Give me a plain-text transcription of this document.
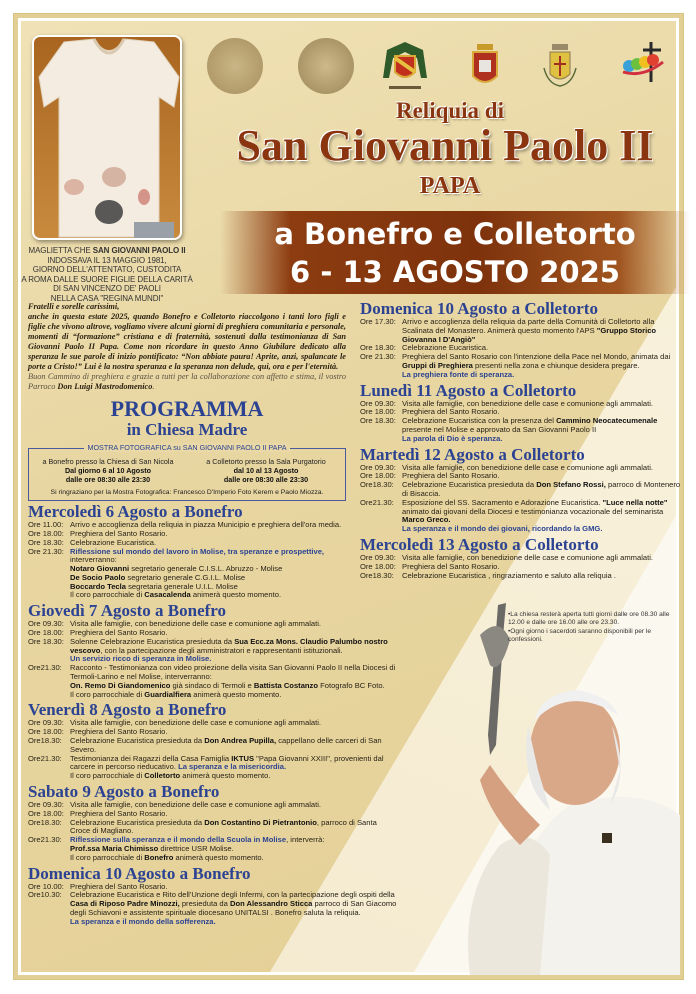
MAGLIETTA CHE SAN GIOVANNI PAOLO II
INDOSSAVA IL 13 MAGGIO 1981,
GIORNO DELL'ATTENTATO, CUSTODITA
A ROMA DALLE SUORE FIGLIE DELLA CARITÀ
DI SAN VINCENZO DE' PAOLI
NELLA CASA "REGINA MUNDI"
Reliquia di
San Giovanni Paolo II
PAPA
a Bonefro e Colletorto
6 - 13 AGOSTO 2025
Fratelli e sorelle carissimi,
anche in questa estate 2025, quando Bonefro e Colletorto riaccolgono i tanti loro figli e figlie che vivono altrove, vogliamo vivere alcuni giorni di preghiera comunitaria e personale, momenti di “formazione” cristiana e di fraternità, sostenuti dalla testimonianza di San Giovanni Paolo II Papa. Come non ricordare in questo Anno Giubilare dedicato alla speranza le sue parole di inizio pontificato: “Non abbiate paura! Aprite, anzi, spalancate le porte a Cristo!” Lui è la nostra speranza e la speranza non delude, qui, ora e per l'eternità.
Buon Cammino di preghiera e grazie a tutti per la collaborazione con affetto e stima, il vostro Parroco Don Luigi Mastrodomenico.
PROGRAMMA
in Chiesa Madre
MOSTRA FOTOGRAFICA su SAN GIOVANNI PAOLO II PAPA
a Bonefro presso la Chiesa di San Nicola
Dal giorno 6 al 10 Agosto
dalle ore 08:30 alle 23:30
a Colletorto presso la Sala Purgatorio
dal 10 al 13 Agosto
dalle ore 08:30 alle 23:30
Si ringraziano per la Mostra Fotografica: Francesco D'Imperio Foto Kerem e Paolo Miozza.
Mercoledì 6 Agosto a Bonefro
Ore 11.00: Arrivo e accoglienza della reliquia in piazza Municipio e preghiera dell'ora media.
Ore 18.00: Preghiera del Santo Rosario.
Ore 18.30: Celebrazione Eucaristica.
Ore 21.30: Riflessione sul mondo del lavoro in Molise, tra speranze e prospettive,
interverranno:
Notaro Giovanni segretario generale C.I.S.L. Abruzzo - Molise
De Socio Paolo segretario generale C.G.I.L. Molise
Boccardo Tecla segretaria generale U.I.L. Molise
Il coro parrocchiale di Casacalenda animerà questo momento.
Giovedì 7 Agosto a Bonefro
Ore 09.30: Visita alle famiglie, con benedizione delle case e comunione agli ammalati.
Ore 18.00: Preghiera del Santo Rosario.
Ore 18.30: Solenne Celebrazione Eucaristica presieduta da Sua Ecc.za Mons. Claudio Palumbo nostro vescovo, con la partecipazione degli amministratori e rappresentanti istituzionali.
Un servizio ricco di speranza in Molise.
Ore21.30:	Racconto - Testimonianza con video proiezione della visita San Giovanni Paolo II nella Diocesi di Termoli-Larino e nel Molise, interverranno:
On. Remo Di Giandomenico già sindaco di Termoli e Battista Costanzo Fotografo BC Foto.
Il coro parrocchiale di Guardialfiera animerà questo momento.
Venerdì 8 Agosto a Bonefro
Ore 09.30: Visita alle famiglie, con benedizione delle case e comunione agli ammalati.
Ore 18.00: Preghiera del Santo Rosario.
Ore18.30:	Celebrazione Eucaristica presieduta da Don Andrea Pupilla, cappellano delle carceri di San Severo.
Ore21.30:	Testimonianza dei Ragazzi della Casa Famiglia IKTUS "Papa Giovanni XXIII", provenienti dal carcere in percorso rieducativo. La speranza e la misericordia.
Il coro parrocchiale di Colletorto animerà questo momento.
Sabato 9 Agosto a Bonefro
Ore 09.30: Visita alle famiglie, con benedizione delle case e comunione agli ammalati.
Ore 18.00: Preghiera del Santo Rosario.
Ore18.30:	Celebrazione Eucaristica presieduta da Don Costantino Di Pietrantonio, parroco di Santa Croce di Magliano.
Ore21.30:	Riflessione sulla speranza e il mondo della Scuola in Molise, interverrà:
Prof.ssa Maria Chimisso direttrice USR Molise.
Il coro parrocchiale di Bonefro animerà questo momento.
Domenica 10 Agosto a Bonefro
Ore 10.00: Preghiera del Santo Rosario.
Ore10.30:	Celebrazione Eucaristica e Rito dell'Unzione degli Infermi, con la partecipazione degli ospiti della Casa di Riposo Padre Minozzi, presieduta da Don Alessandro Sticca parroco di San Giacomo degli Schiavoni e assistente spirituale diocesano UNITALSI . Bonefro saluta la reliquia.
La speranza e il mondo della sofferenza.
Domenica 10 Agosto a Colletorto
Ore 17.30: Arrivo e accoglienza della reliquia da parte della Comunità di Colletorto alla Scalinata del Monastero. Animerà questo momento l'APS "Gruppo Storico Giovanna I D'Angiò"
Ore 18.30: Celebrazione Eucaristica.
Ore 21.30: Preghiera del Santo Rosario con l'intenzione della Pace nel Mondo, animata dai Gruppi di Preghiera presenti nella zona e chiunque desidera pregare.
La preghiera fonte di speranza.
Lunedì 11 Agosto a Colletorto
Ore 09.30: Visita alle famiglie, con benedizione delle case e comunione agli ammalati.
Ore 18.00: Preghiera del Santo Rosario.
Ore 18.30: Celebrazione Eucaristica con la presenza del Cammino Neocatecumenale presente nel Molise e approvato da San Giovanni Paolo II
La parola di Dio è speranza.
Martedì 12 Agosto a Colletorto
Ore 09.30: Visita alle famiglie, con benedizione delle case e comunione agli ammalati.
Ore 18.00: Preghiera del Santo Rosario.
Ore18.30:	Celebrazione Eucaristica presieduta da Don Stefano Rossi, parroco di Montenero di Bisaccia.
Ore21.30:	Esposizione del SS. Sacramento e Adorazione Eucaristica. "Luce nella notte" animato dai giovani della Diocesi e testimonianza vocazionale del seminarista Marco Greco.
La speranza e il mondo dei giovani, ricordando la GMG.
Mercoledì 13 Agosto a Colletorto
Ore 09.30: Visita alle famiglie, con benedizione delle case e comunione agli ammalati.
Ore 18.00: Preghiera del Santo Rosario.
Ore18.30:	Celebrazione Eucaristica , ringraziamento e saluto alla reliquia .
•La chiesa resterà aperta tutti giorni dalle ore 08.30 alle 12.00 e dalle ore 16.00 alle ore 23.30.
•Ogni giorno i sacerdoti saranno disponibili per le confessioni.
